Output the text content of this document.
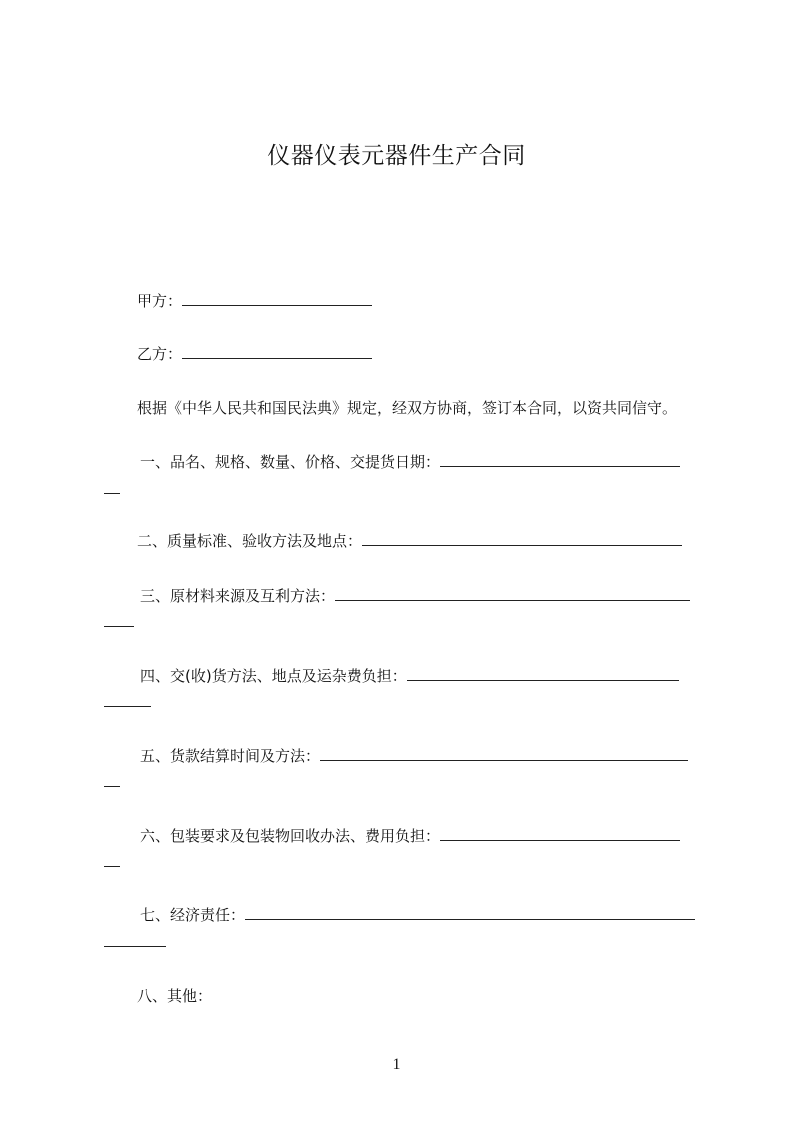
仪器仪表元器件生产合同
甲方：
乙方：
根据《中华人民共和国民法典》规定，经双方协商，签订本合同，以资共同信守。
一、品名、规格、数量、价格、交提货日期：
二、质量标准、验收方法及地点：
三、原材料来源及互利方法：
四、交(收)货方法、地点及运杂费负担：
五、货款结算时间及方法：
六、包装要求及包装物回收办法、费用负担：
七、经济责任：
八、其他：
1
